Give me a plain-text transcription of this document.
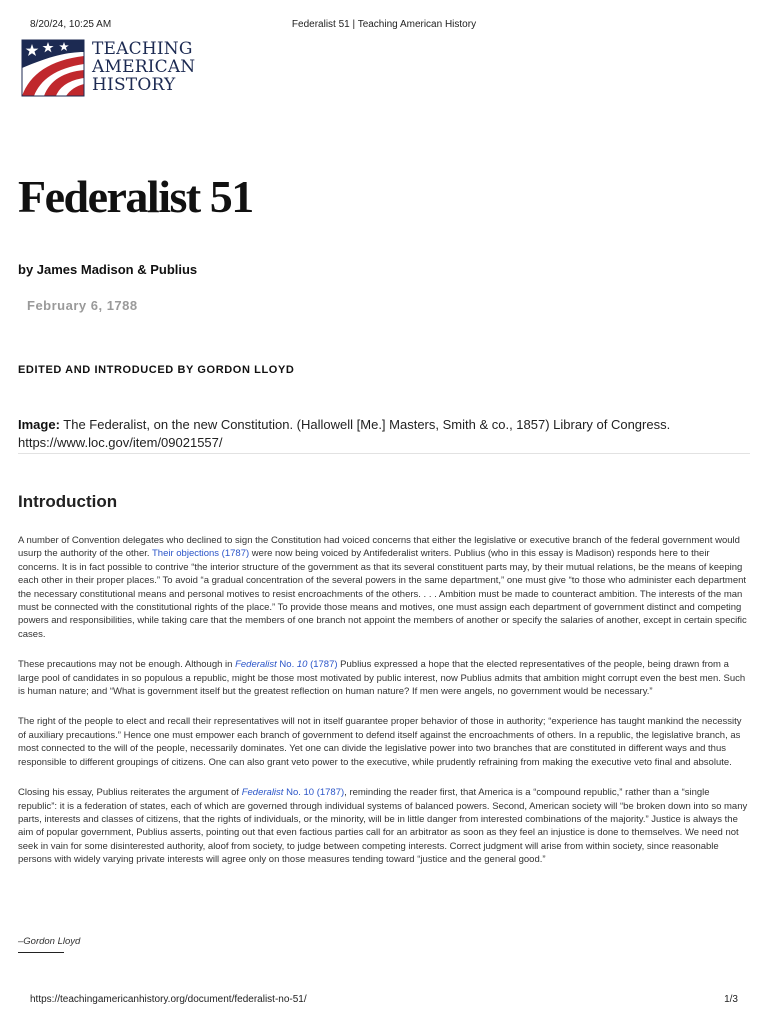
8/20/24, 10:25 AM	Federalist 51 | Teaching American History
TEACHING
AMERICAN
HISTORY
Federalist 51
by James Madison & Publius
February 6, 1788
EDITED AND INTRODUCED BY GORDON LLOYD
Image: The Federalist, on the new Constitution. (Hallowell [Me.] Masters, Smith & co., 1857) Library of Congress. https://www.loc.gov/item/09021557/
Introduction

A number of Convention delegates who declined to sign the Constitution had voiced concerns that either the legislative or executive branch of the federal government would usurp the authority of the other. Their objections (1787) were now being voiced by Antifederalist writers. Publius (who in this essay is Madison) responds here to their concerns. It is in fact possible to contrive “the interior structure of the government as that its several constituent parts may, by their mutual relations, be the means of keeping each other in their proper places.” To avoid “a gradual concentration of the several powers in the same department,” one must give “to those who administer each department the necessary constitutional means and personal motives to resist encroachments of the others. . . . Ambition must be made to counteract ambition. The interests of the man must be connected with the constitutional rights of the place.” To provide those means and motives, one must assign each department of government distinct and competing powers and responsibilities, while taking care that the members of one branch not appoint the members of another or specify the salaries of another, except in certain specific cases.

These precautions may not be enough. Although in Federalist No. 10 (1787) Publius expressed a hope that the elected representatives of the people, being drawn from a large pool of candidates in so populous a republic, might be those most motivated by public interest, now Publius admits that ambition might corrupt even the best men. Such is human nature; and “What is government itself but the greatest reflection on human nature? If men were angels, no government would be necessary.”

The right of the people to elect and recall their representatives will not in itself guarantee proper behavior of those in authority; “experience has taught mankind the necessity of auxiliary precautions.” Hence one must empower each branch of government to defend itself against the encroachments of others. In a republic, the legislative branch, as most connected to the will of the people, necessarily dominates. Yet one can divide the legislative power into two branches that are constituted in different ways and thus responsible to different groupings of citizens. One can also grant veto power to the executive, while prudently refraining from making the executive veto final and absolute.

Closing his essay, Publius reiterates the argument of Federalist No. 10 (1787), reminding the reader first, that America is a “compound republic,” rather than a “single republic”: it is a federation of states, each of which are governed through individual systems of balanced powers. Second, American society will “be broken down into so many parts, interests and classes of citizens, that the rights of individuals, or the minority, will be in little danger from interested combinations of the majority.” Justice is always the aim of popular government, Publius asserts, pointing out that even factious parties call for an arbitrator as soon as they feel an injustice is done to themselves. We need not seek in vain for some disinterested authority, aloof from society, to judge between competing interests. Correct judgment will arise from within society, since reasonable persons with widely varying private interests will agree only on those measures tending toward “justice and the general good.”

–Gordon Lloyd
https://teachingamericanhistory.org/document/federalist-no-51/	1/3
